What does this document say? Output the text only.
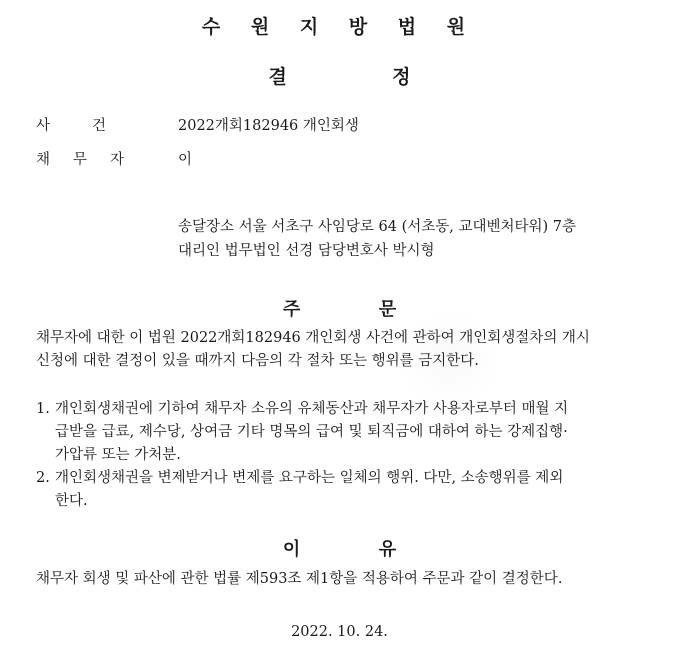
수 원 지 방 법 원
결	정
사	건	2022개회182946 개인회생
채 무 자	이
송달장소 서울 서초구 사임당로 64 (서초동, 교대벤처타워) 7층
대리인 법무법인 선경 담당변호사 박시형
주	문
채무자에 대한 이 법원 2022개회182946 개인회생 사건에 관하여 개인회생절차의 개시
신청에 대한 결정이 있을 때까지 다음의 각 절차 또는 행위를 금지한다.
1. 개인회생채권에 기하여 채무자 소유의 유체동산과 채무자가 사용자로부터 매월 지
급받을 급료, 제수당, 상여금 기타 명목의 급여 및 퇴직금에 대하여 하는 강제집행·
가압류 또는 가처분.
2. 개인회생채권을 변제받거나 변제를 요구하는 일체의 행위. 다만, 소송행위를 제외
한다.
이	유
채무자 회생 및 파산에 관한 법률 제593조 제1항을 적용하여 주문과 같이 결정한다.
2022. 10. 24.
